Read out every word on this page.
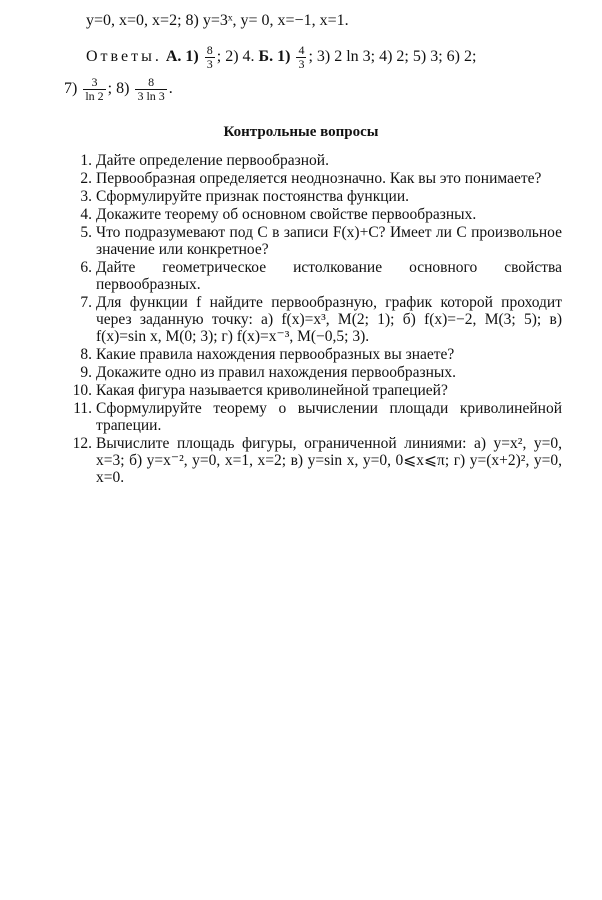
y=0, x=0, x=2; 8) y=3ˣ, y= 0, x=−1, x=1.
Ответы. А. $1) \frac{8}{3}$ ; 2) 4. Б. $1) \frac{4}{3}$ ; 3) 2 ln 3; 4) 2; 5) 3; 6) 2;
$7) \frac{3}{\ln 2}$ ; $8) \frac{8}{3 \ln 3}$ .
Контрольные вопросы
1. Дайте определение первообразной.
2. Первообразная определяется неоднозначно. Как вы это понимаете?
3. Сформулируйте признак постоянства функции.
4. Докажите теорему об основном свойстве первообразных.
5. Что подразумевают под C в записи F(x)+C? Имеет ли C произвольное значение или конкретное?
6. Дайте геометрическое истолкование основного свойства первообразных.
7. Для функции f найдите первообразную, график которой проходит через заданную точку: а) f(x)=x³, M(2; 1); б) f(x)=−2, M(3; 5); в) f(x)=sin x, M(0; 3); г) f(x)=x⁻³, M(−0,5; 3).
8. Какие правила нахождения первообразных вы знаете?
9. Докажите одно из правил нахождения первообразных.
10. Какая фигура называется криволинейной трапецией?
11. Сформулируйте теорему о вычислении площади криволинейной трапеции.
12. Вычислите площадь фигуры, ограниченной линиями: а) y=x², y=0, x=3; б) y=x⁻², y=0, x=1, x=2; в) y=sin x, y=0, 0⩽x⩽π; г) y=(x+2)², y=0, x=0.
